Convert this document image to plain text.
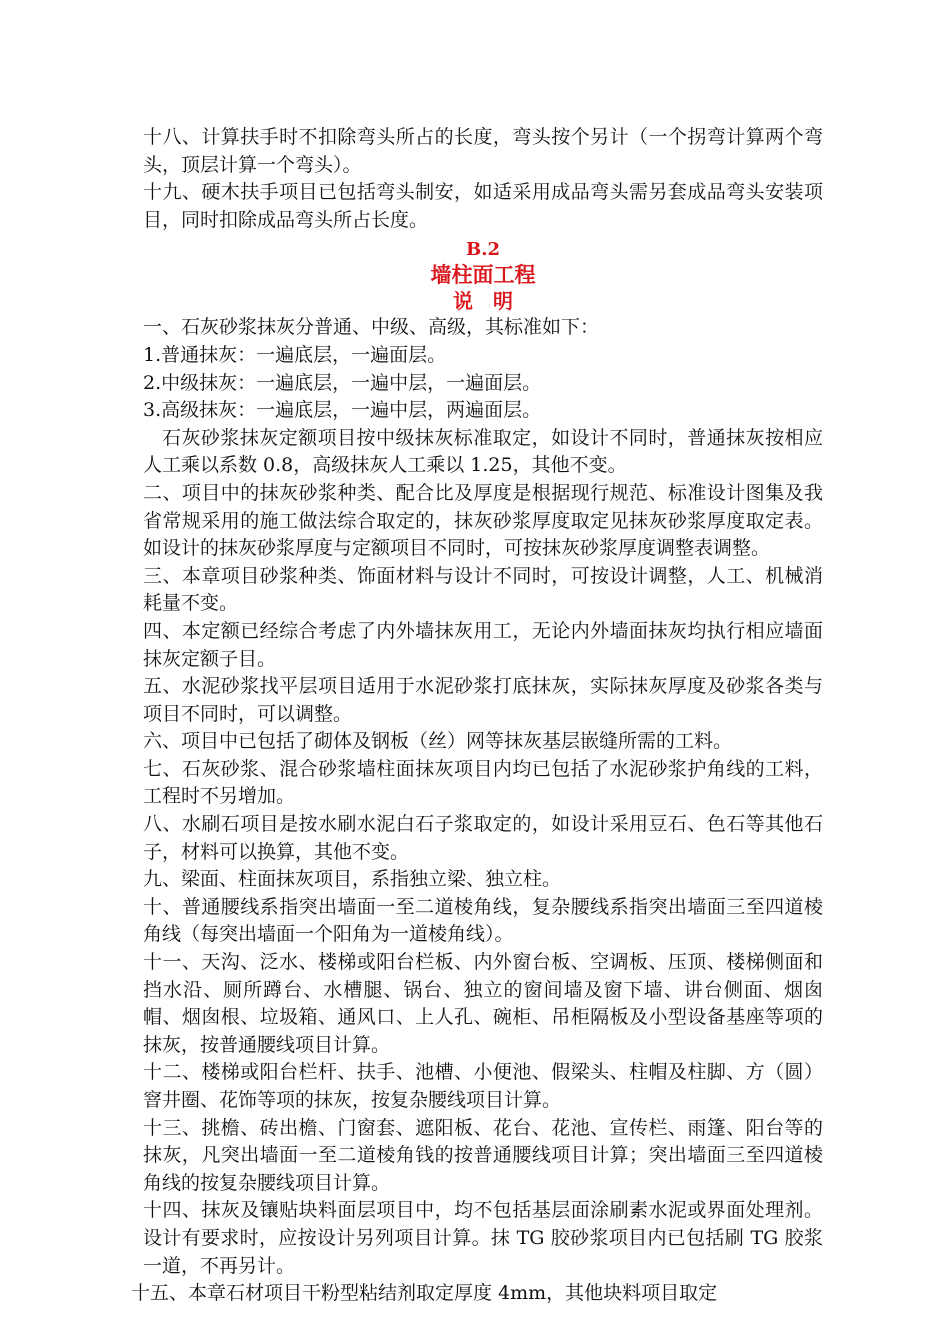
十八、计算扶手时不扣除弯头所占的长度，弯头按个另计（一个拐弯计算两个弯头，顶层计算一个弯头）。

十九、硬木扶手项目已包括弯头制安，如适采用成品弯头需另套成品弯头安装项目，同时扣除成品弯头所占长度。

B.2

墙柱面工程

说明

一、石灰砂浆抹灰分普通、中级、高级，其标准如下：

1.普通抹灰：一遍底层，一遍面层。

2.中级抹灰：一遍底层，一遍中层，一遍面层。

3.高级抹灰：一遍底层，一遍中层，两遍面层。

石灰砂浆抹灰定额项目按中级抹灰标准取定，如设计不同时，普通抹灰按相应人工乘以系数 0.8，高级抹灰人工乘以 1.25，其他不变。

二、项目中的抹灰砂浆种类、配合比及厚度是根据现行规范、标准设计图集及我省常规采用的施工做法综合取定的，抹灰砂浆厚度取定见抹灰砂浆厚度取定表。如设计的抹灰砂浆厚度与定额项目不同时，可按抹灰砂浆厚度调整表调整。

三、本章项目砂浆种类、饰面材料与设计不同时，可按设计调整，人工、机械消耗量不变。

四、本定额已经综合考虑了内外墙抹灰用工，无论内外墙面抹灰均执行相应墙面抹灰定额子目。

五、水泥砂浆找平层项目适用于水泥砂浆打底抹灰，实际抹灰厚度及砂浆各类与项目不同时，可以调整。

六、项目中已包括了砌体及钢板（丝）网等抹灰基层嵌缝所需的工料。

七、石灰砂浆、混合砂浆墙柱面抹灰项目内均已包括了水泥砂浆护角线的工料，工程时不另增加。

八、水刷石项目是按水刷水泥白石子浆取定的，如设计采用豆石、色石等其他石子，材料可以换算，其他不变。

九、梁面、柱面抹灰项目，系指独立梁、独立柱。

十、普通腰线系指突出墙面一至二道棱角线，复杂腰线系指突出墙面三至四道棱角线（每突出墙面一个阳角为一道棱角线）。

十一、天沟、泛水、楼梯或阳台栏板、内外窗台板、空调板、压顶、楼梯侧面和挡水沿、厕所蹲台、水槽腿、锅台、独立的窗间墙及窗下墙、讲台侧面、烟囱帽、烟囱根、垃圾箱、通风口、上人孔、碗柜、吊柜隔板及小型设备基座等项的抹灰，按普通腰线项目计算。

十二、楼梯或阳台栏杆、扶手、池槽、小便池、假梁头、柱帽及柱脚、方（圆）窨井圈、花饰等项的抹灰，按复杂腰线项目计算。

十三、挑檐、砖出檐、门窗套、遮阳板、花台、花池、宣传栏、雨篷、阳台等的抹灰，凡突出墙面一至二道棱角钱的按普通腰线项目计算；突出墙面三至四道棱角线的按复杂腰线项目计算。

十四、抹灰及镶贴块料面层项目中，均不包括基层面涂刷素水泥或界面处理剂。设计有要求时，应按设计另列项目计算。抹 TG 胶砂浆项目内已包括刷 TG 胶浆一道，不再另计。

十五、本章石材项目干粉型粘结剂取定厚度 4mm，其他块料项目取定
